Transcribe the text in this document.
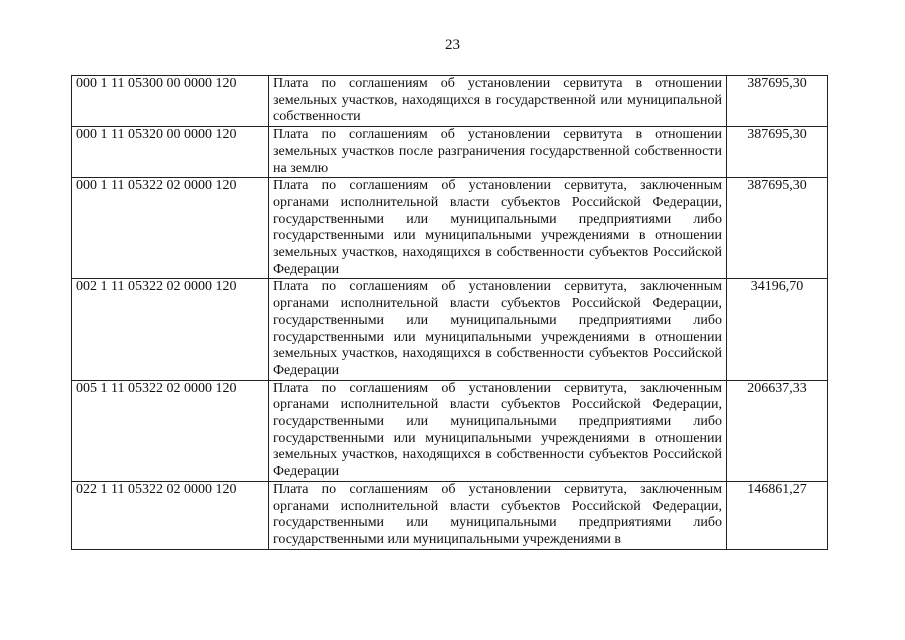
23
000 1 11 05300 00 0000 120	Плата по соглашениям об установлении сервитута в отношении земельных участков, находящихся в государственной или муниципальной собственности	387695,30
000 1 11 05320 00 0000 120	Плата по соглашениям об установлении сервитута в отношении земельных участков после разграничения государственной собственности на землю	387695,30
000 1 11 05322 02 0000 120	Плата по соглашениям об установлении сервитута, заключенным органами исполнительной власти субъектов Российской Федерации, государственными или муниципальными предприятиями либо государственными или муниципальными учреждениями в отношении земельных участков, находящихся в собственности субъектов Российской Федерации	387695,30
002 1 11 05322 02 0000 120	Плата по соглашениям об установлении сервитута, заключенным органами исполнительной власти субъектов Российской Федерации, государственными или муниципальными предприятиями либо государственными или муниципальными учреждениями в отношении земельных участков, находящихся в собственности субъектов Российской Федерации	34196,70
005 1 11 05322 02 0000 120	Плата по соглашениям об установлении сервитута, заключенным органами исполнительной власти субъектов Российской Федерации, государственными или муниципальными предприятиями либо государственными или муниципальными учреждениями в отношении земельных участков, находящихся в собственности субъектов Российской Федерации	206637,33
022 1 11 05322 02 0000 120	Плата по соглашениям об установлении сервитута, заключенным органами исполнительной власти субъектов Российской Федерации, государственными или муниципальными предприятиями либо государственными или муниципальными учреждениями в	146861,27
